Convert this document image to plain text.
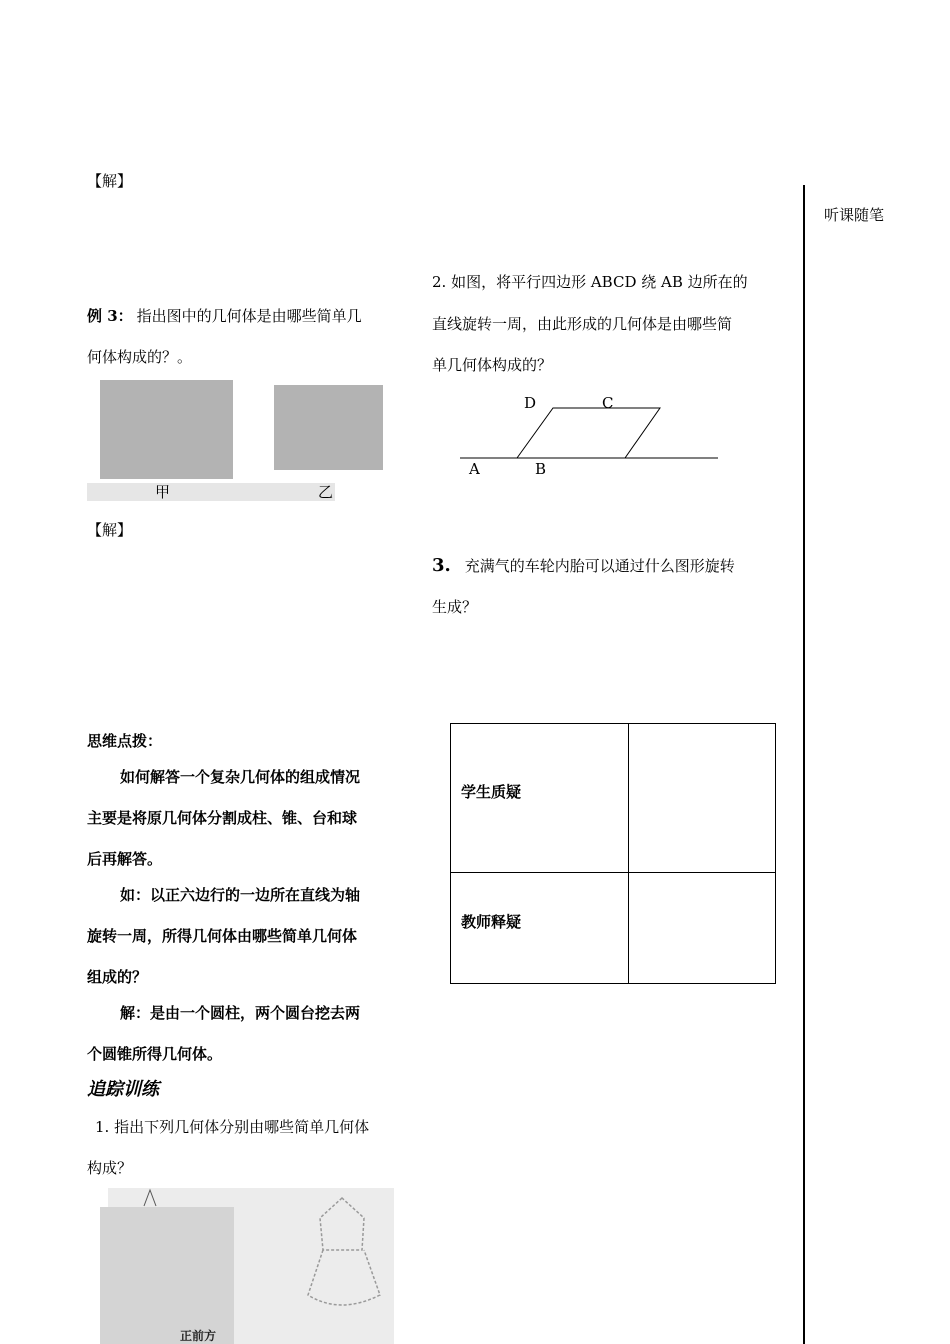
听课随笔
【解】
例 3： 指出图中的几何体是由哪些简单几
何体构成的？。
甲	乙
【解】
思维点拨：
如何解答一个复杂几何体的组成情况
主要是将原几何体分割成柱、锥、台和球
后再解答。
如：以正六边行的一边所在直线为轴
旋转一周，所得几何体由哪些简单几何体
组成的？
解：是由一个圆柱，两个圆台挖去两
个圆锥所得几何体。
追踪训练
1. 指出下列几何体分别由哪些简单几何体
构成？
正前方
2. 如图，将平行四边形 ABCD 绕 AB 边所在的
直线旋转一周，由此形成的几何体是由哪些简
单几何体构成的？
A	B
C
D
3. 充满气的车轮内胎可以通过什么图形旋转
生成？
学生质疑
教师释疑
